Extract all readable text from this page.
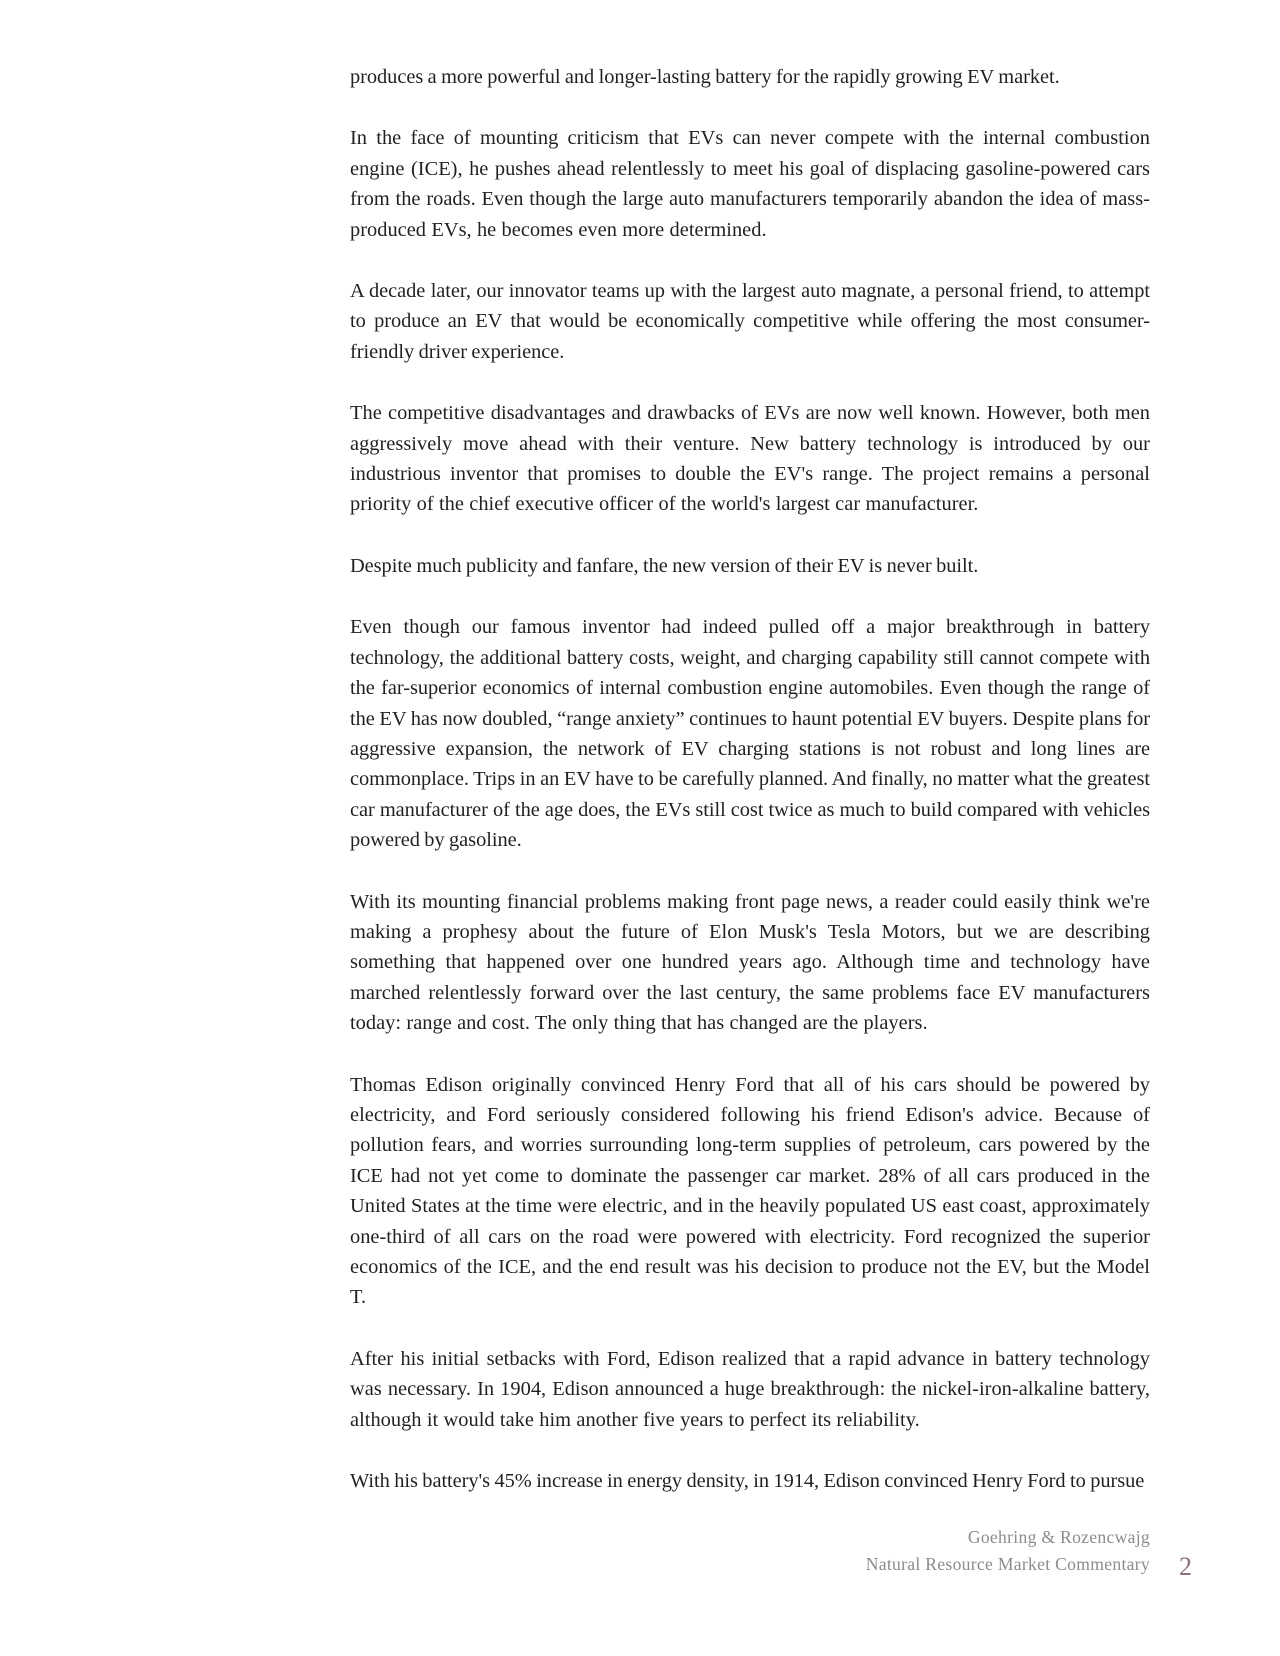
produces a more powerful and longer-lasting battery for the rapidly growing EV market.

In the face of mounting criticism that EVs can never compete with the internal combustion engine (ICE), he pushes ahead relentlessly to meet his goal of displacing gasoline-powered cars from the roads. Even though the large auto manufacturers temporarily abandon the idea of mass-produced EVs, he becomes even more determined.

A decade later, our innovator teams up with the largest auto magnate, a personal friend, to attempt to produce an EV that would be economically competitive while offering the most consumer-friendly driver experience.

The competitive disadvantages and drawbacks of EVs are now well known. However, both men aggressively move ahead with their venture. New battery technology is introduced by our industrious inventor that promises to double the EV's range. The project remains a personal priority of the chief executive officer of the world's largest car manufacturer.

Despite much publicity and fanfare, the new version of their EV is never built.

Even though our famous inventor had indeed pulled off a major breakthrough in battery technology, the additional battery costs, weight, and charging capability still cannot compete with the far-superior economics of internal combustion engine automobiles. Even though the range of the EV has now doubled, “range anxiety” continues to haunt potential EV buyers. Despite plans for aggressive expansion, the network of EV charging stations is not robust and long lines are commonplace. Trips in an EV have to be carefully planned. And finally, no matter what the greatest car manufacturer of the age does, the EVs still cost twice as much to build compared with vehicles powered by gasoline.

With its mounting financial problems making front page news, a reader could easily think we're making a prophesy about the future of Elon Musk's Tesla Motors, but we are describing something that happened over one hundred years ago. Although time and technology have marched relentlessly forward over the last century, the same problems face EV manufacturers today: range and cost. The only thing that has changed are the players.

Thomas Edison originally convinced Henry Ford that all of his cars should be powered by electricity, and Ford seriously considered following his friend Edison's advice. Because of pollution fears, and worries surrounding long-term supplies of petroleum, cars powered by the ICE had not yet come to dominate the passenger car market. 28% of all cars produced in the United States at the time were electric, and in the heavily populated US east coast, approximately one-third of all cars on the road were powered with electricity. Ford recognized the superior economics of the ICE, and the end result was his decision to produce not the EV, but the Model T.

After his initial setbacks with Ford, Edison realized that a rapid advance in battery technology was necessary. In 1904, Edison announced a huge breakthrough: the nickel-iron-alkaline battery, although it would take him another five years to perfect its reliability.

With his battery's 45% increase in energy density, in 1914, Edison convinced Henry Ford to pursue

Goehring & Rozencwajg
Natural Resource Market Commentary 2
